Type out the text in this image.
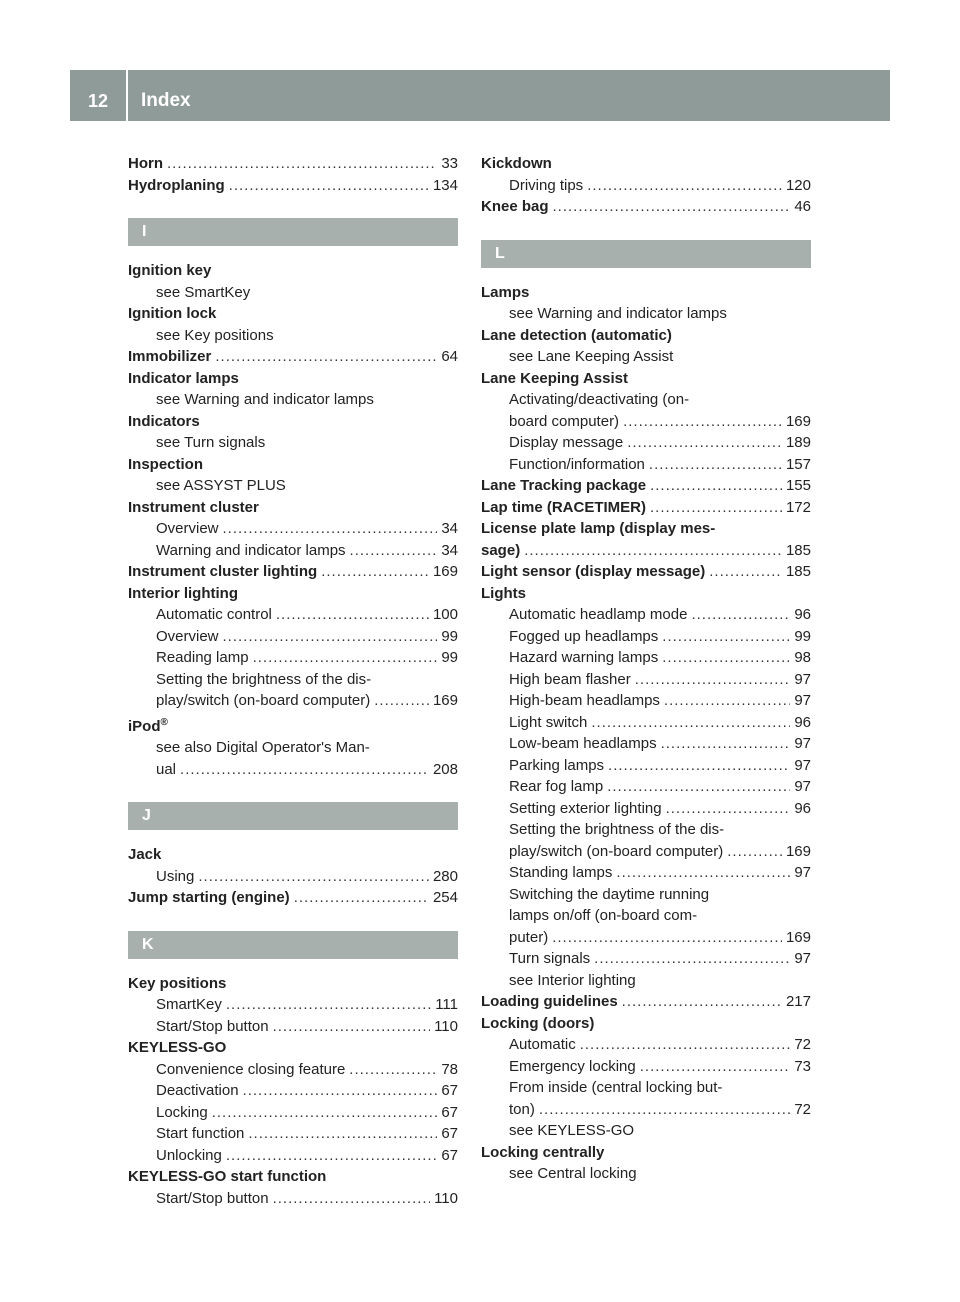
12	Index
Horn .....	33
Hydroplaning .....	134
I
Ignition key
see SmartKey
Ignition lock
see Key positions
Immobilizer .....	64
Indicator lamps
see Warning and indicator lamps
Indicators
see Turn signals
Inspection
see ASSYST PLUS
Instrument cluster
Overview .....	34
Warning and indicator lamps .....	34
Instrument cluster lighting .....	169
Interior lighting
Automatic control .....	100
Overview .....	99
Reading lamp .....	99
Setting the brightness of the dis-
play/switch (on-board computer) .....	169
iPod®
see also Digital Operator's Man-
ual .....	208
J
Jack
Using .....	280
Jump starting (engine) .....	254
K
Key positions
SmartKey .....	111
Start/Stop button .....	110
KEYLESS-GO
Convenience closing feature .....	78
Deactivation .....	67
Locking .....	67
Start function .....	67
Unlocking .....	67
KEYLESS-GO start function
Start/Stop button .....	110
Kickdown
Driving tips .....	120
Knee bag .....	46
L
Lamps
see Warning and indicator lamps
Lane detection (automatic)
see Lane Keeping Assist
Lane Keeping Assist
Activating/deactivating (on-
board computer) .....	169
Display message .....	189
Function/information .....	157
Lane Tracking package .....	155
Lap time (RACETIMER) .....	172
License plate lamp (display mes-
sage) .....	185
Light sensor (display message) .....	185
Lights
Automatic headlamp mode .....	96
Fogged up headlamps .....	99
Hazard warning lamps .....	98
High beam flasher .....	97
High-beam headlamps .....	97
Light switch .....	96
Low-beam headlamps .....	97
Parking lamps .....	97
Rear fog lamp .....	97
Setting exterior lighting .....	96
Setting the brightness of the dis-
play/switch (on-board computer) .....	169
Standing lamps .....	97
Switching the daytime running
lamps on/off (on-board com-
puter) .....	169
Turn signals .....	97
see Interior lighting
Loading guidelines .....	217
Locking (doors)
Automatic .....	72
Emergency locking .....	73
From inside (central locking but-
ton) .....	72
see KEYLESS-GO
Locking centrally
see Central locking
